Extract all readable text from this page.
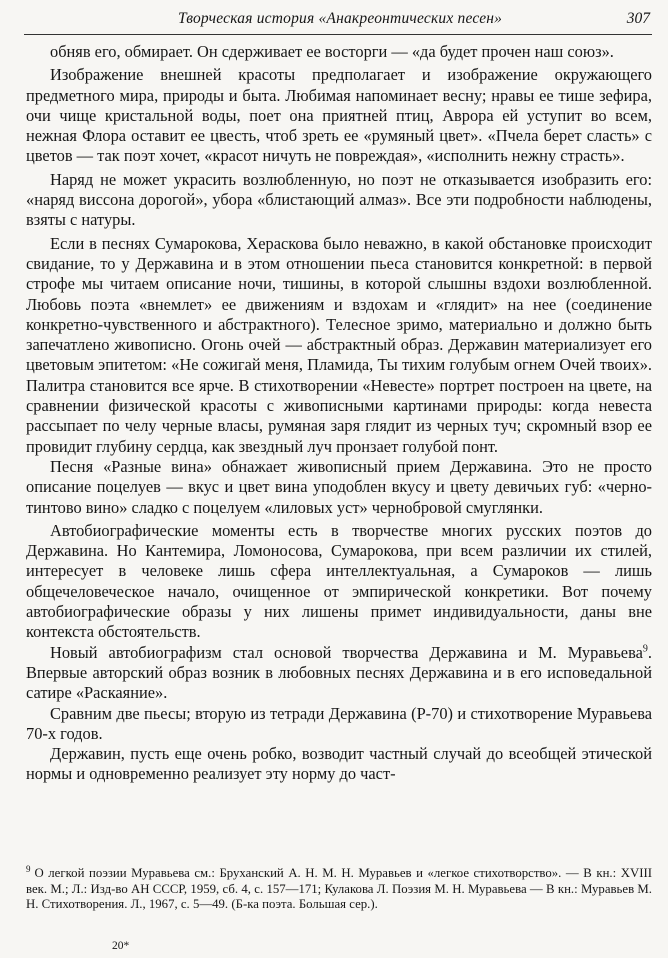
Творческая история «Анакреонтических песен»	307

обняв его, обмирает. Он сдерживает ее восторги — «да будет прочен наш союз».

Изображение внешней красоты предполагает и изображение окружающего предметного мира, природы и быта. Любимая напоминает весну; нравы ее тише зефира, очи чище кристальной воды, поет она приятней птиц, Аврора ей уступит во всем, нежная Флора оставит ее цвесть, чтоб зреть ее «румяный цвет». «Пчела берет сласть» с цветов — так поэт хочет, «красот ничуть не повреждая», «исполнить нежну страсть».

Наряд не может украсить возлюбленную, но поэт не отказывается изобразить его: «наряд виссона дорогой», убора «блистающий алмаз». Все эти подробности наблюдены, взяты с натуры.

Если в песнях Сумарокова, Хераскова было неважно, в какой обстановке происходит свидание, то у Державина и в этом отношении пьеса становится конкретной: в первой строфе мы читаем описание ночи, тишины, в которой слышны вздохи возлюбленной. Любовь поэта «внемлет» ее движениям и вздохам и «глядит» на нее (соединение конкретно-чувственного и абстрактного). Телесное зримо, материально и должно быть запечатлено живописно. Огонь очей — абстрактный образ. Державин материализует его цветовым эпитетом: «Не сожигай меня, Пламида, Ты тихим голубым огнем Очей твоих». Палитра становится все ярче. В стихотворении «Невесте» портрет построен на цвете, на сравнении физической красоты с живописными картинами природы: когда невеста рассыпает по челу черные власы, румяная заря глядит из черных туч; скромный взор ее провидит глубину сердца, как звездный луч пронзает голубой понт.

Песня «Разные вина» обнажает живописный прием Державина. Это не просто описание поцелуев — вкус и цвет вина уподоблен вкусу и цвету девичьих губ: «черно-тинтово вино» сладко с поцелуем «лиловых уст» чернобровой смуглянки.

Автобиографические моменты есть в творчестве многих русских поэтов до Державина. Но Кантемира, Ломоносова, Сумарокова, при всем различии их стилей, интересует в человеке лишь сфера интеллектуальная, а Сумароков — лишь общечеловеческое начало, очищенное от эмпирической конкретики. Вот почему автобиографические образы у них лишены примет индивидуальности, даны вне контекста обстоятельств.

Новый автобиографизм стал основой творчества Державина и М. Муравьева$^9$. Впервые авторский образ возник в любовных песнях Державина и в его исповедальной сатире «Раскаяние».

Сравним две пьесы; вторую из тетради Державина (Р-70) и стихотворение Муравьева 70-х годов.

Державин, пусть еще очень робко, возводит частный случай до всеобщей этической нормы и одновременно реализует эту норму до част-

$^9$ О легкой поэзии Муравьева см.: Бруханский А. Н. М. Н. Муравьев и «легкое стихотворство». — В кн.: XVIII век. М.; Л.: Изд-во АН СССР, 1959, сб. 4, с. 157—171; Кулакова Л. Поэзия М. Н. Муравьева — В кн.: Муравьев М. Н. Стихотворения. Л., 1967, с. 5—49. (Б-ка поэта. Большая сер.).

20*
